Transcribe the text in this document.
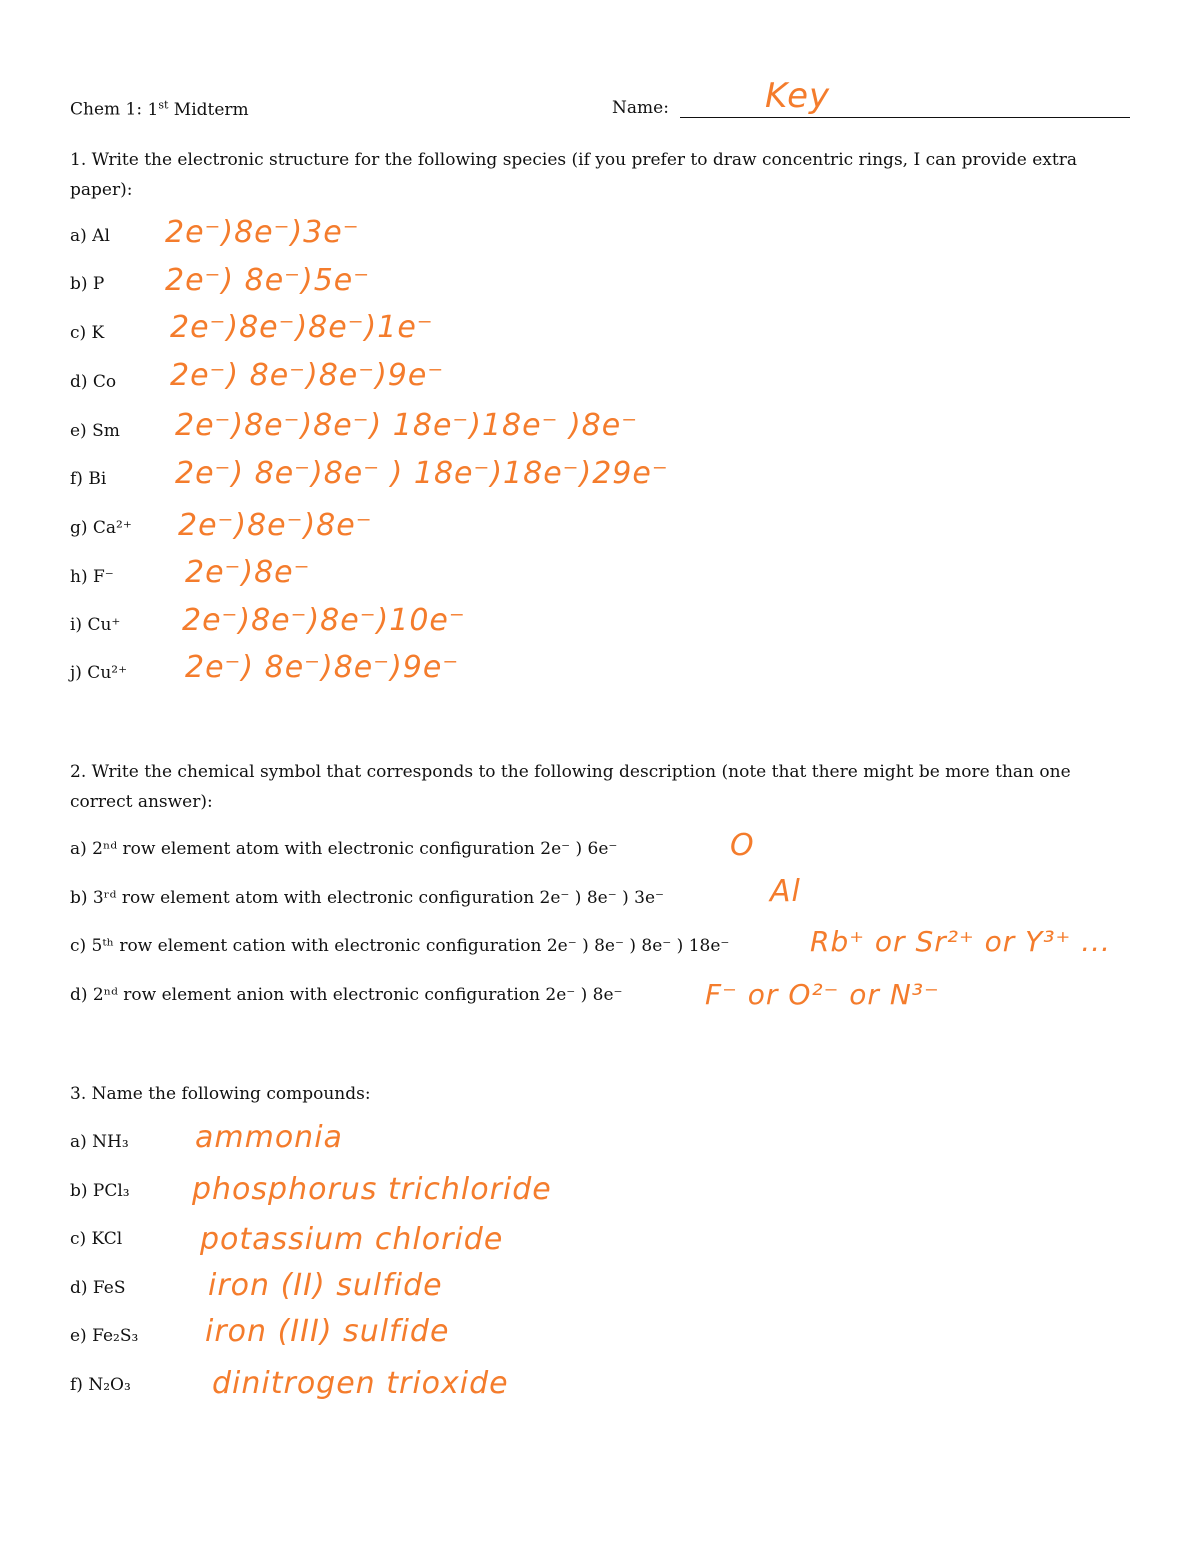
Chem 1: 1st Midterm	Name:	Key
1. Write the electronic structure for the following species (if you prefer to draw concentric rings, I can provide extra paper):
a) Al 2e⁻)8e⁻)3e⁻
b) P 2e⁻) 8e⁻)5e⁻
c) K 2e⁻)8e⁻)8e⁻)1e⁻
d) Co 2e⁻) 8e⁻)8e⁻)9e⁻
e) Sm 2e⁻)8e⁻)8e⁻) 18e⁻)18e⁻ )8e⁻
f) Bi 2e⁻) 8e⁻)8e⁻ ) 18e⁻)18e⁻)29e⁻
g) Ca²⁺ 2e⁻)8e⁻)8e⁻
h) F⁻ 2e⁻)8e⁻
i) Cu⁺ 2e⁻)8e⁻)8e⁻)10e⁻
j) Cu²⁺ 2e⁻) 8e⁻)8e⁻)9e⁻
2. Write the chemical symbol that corresponds to the following description (note that there might be more than one correct answer):
a) 2ⁿᵈ row element atom with electronic configuration 2e⁻ ) 6e⁻	O
b) 3ʳᵈ row element atom with electronic configuration 2e⁻ ) 8e⁻ ) 3e⁻	Al
c) 5ᵗʰ row element cation with electronic configuration 2e⁻ ) 8e⁻ ) 8e⁻ ) 18e⁻	Rb⁺ or Sr²⁺ or Y³⁺ ...
d) 2ⁿᵈ row element anion with electronic configuration 2e⁻ ) 8e⁻	F⁻ or O²⁻ or N³⁻
3. Name the following compounds:
a) NH₃ ammonia
b) PCl₃ phosphorus trichloride
c) KCl	potassium chloride
d) FeS	iron (II) sulfide
e) Fe₂S₃ iron (III) sulfide
f) N₂O₃	dinitrogen trioxide
